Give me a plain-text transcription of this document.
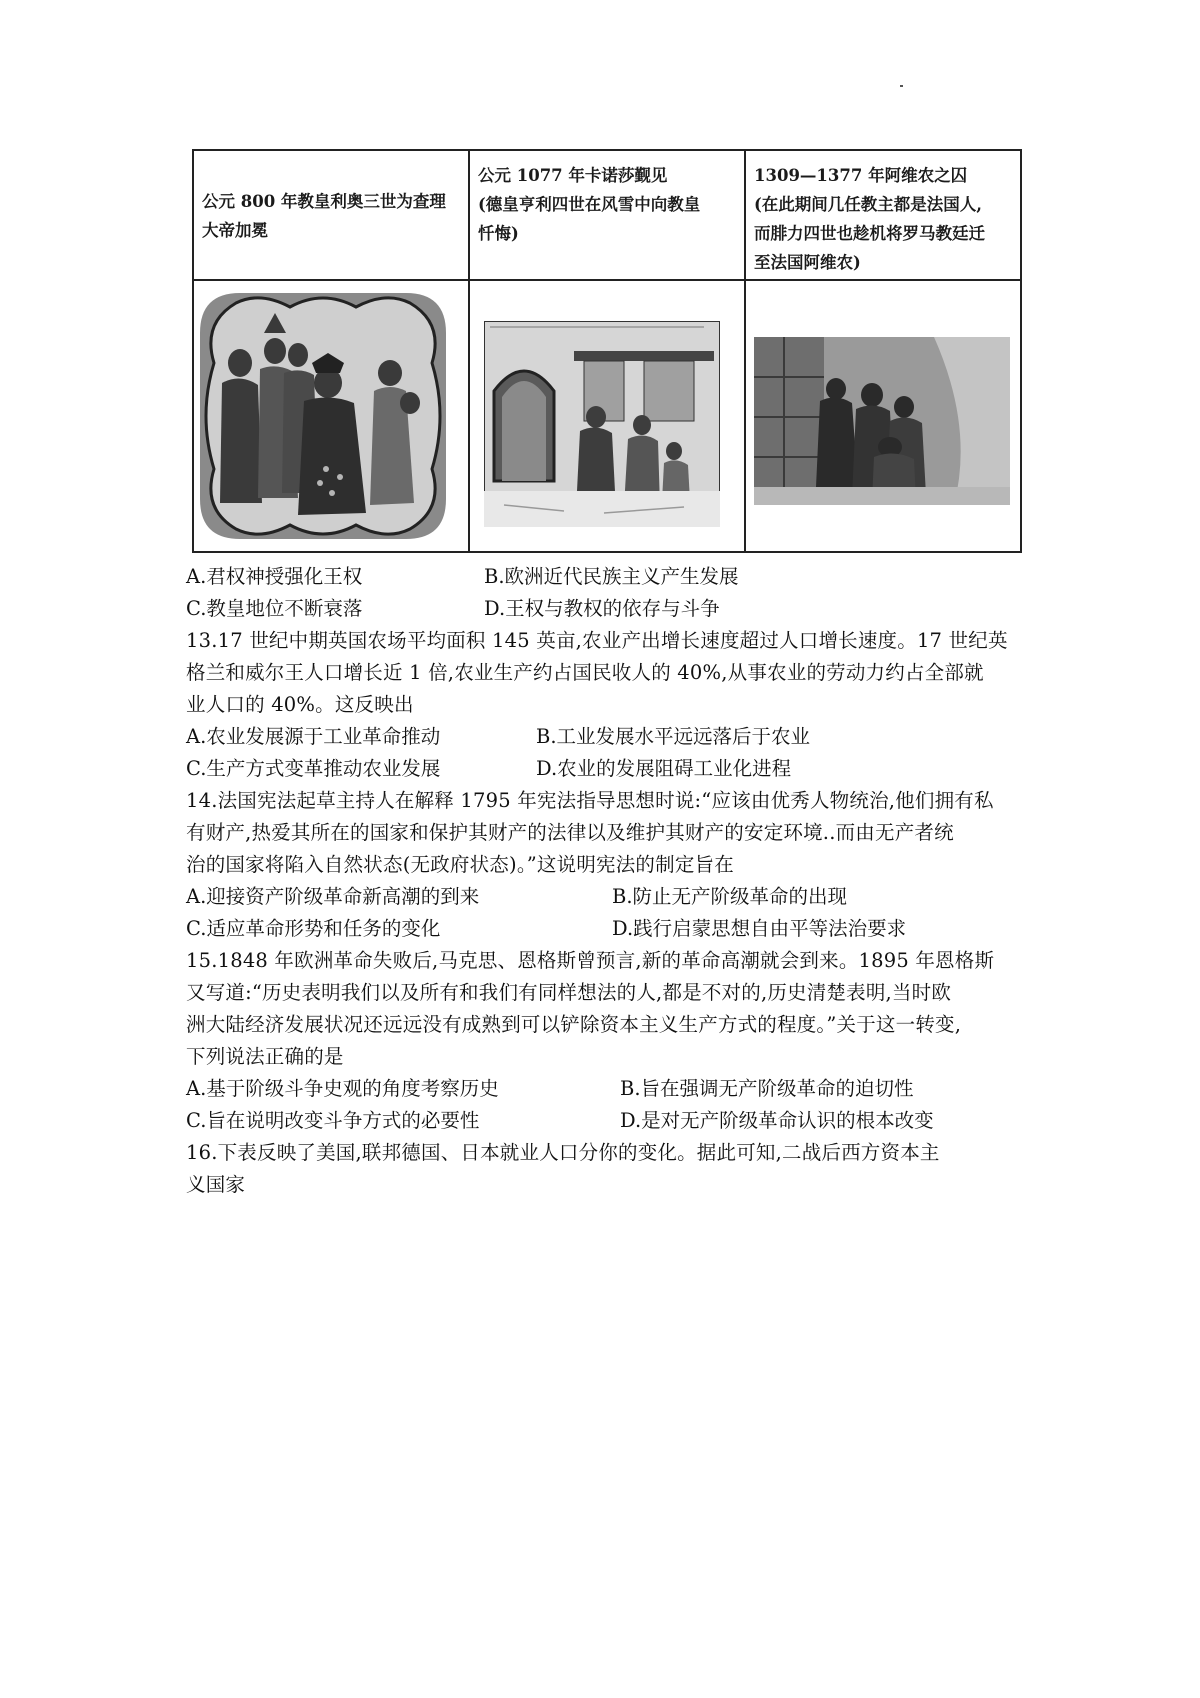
公元 800 年教皇利奥三世为查理
大帝加冕	公元 1077 年卡诺莎觐见
(德皇亨利四世在风雪中向教皇
忏悔)	1309—1377 年阿维农之囚
(在此期间几任教主都是法国人,
而腓力四世也趁机将罗马教廷迁
至法国阿维农)

A.君权神授强化王权	B.欧洲近代民族主义产生发展
C.教皇地位不断衰落	D.王权与教权的依存与斗争
13.17 世纪中期英国农场平均面积 145 英亩,农业产出增长速度超过人口增长速度。17 世纪英
格兰和威尔王人口增长近 1 倍,农业生产约占国民收人的 40%,从事农业的劳动力约占全部就
业人口的 40%。这反映出
A.农业发展源于工业革命推动	B.工业发展水平远远落后于农业
C.生产方式变革推动农业发展	D.农业的发展阻碍工业化进程
14.法国宪法起草主持人在解释 1795 年宪法指导思想时说:“应该由优秀人物统治,他们拥有私
有财产,热爱其所在的国家和保护其财产的法律以及维护其财产的安定环境..而由无产者统
治的国家将陷入自然状态(无政府状态)。”这说明宪法的制定旨在
A.迎接资产阶级革命新高潮的到来	B.防止无产阶级革命的出现
C.适应革命形势和任务的变化	D.践行启蒙思想自由平等法治要求
15.1848 年欧洲革命失败后,马克思、恩格斯曾预言,新的革命高潮就会到来。1895 年恩格斯
又写道:“历史表明我们以及所有和我们有同样想法的人,都是不对的,历史清楚表明,当时欧
洲大陆经济发展状况还远远没有成熟到可以铲除资本主义生产方式的程度。”关于这一转变,
下列说法正确的是
A.基于阶级斗争史观的角度考察历史	B.旨在强调无产阶级革命的迫切性
C.旨在说明改变斗争方式的必要性	D.是对无产阶级革命认识的根本改变
16.下表反映了美国,联邦德国、日本就业人口分你的变化。据此可知,二战后西方资本主
义国家
